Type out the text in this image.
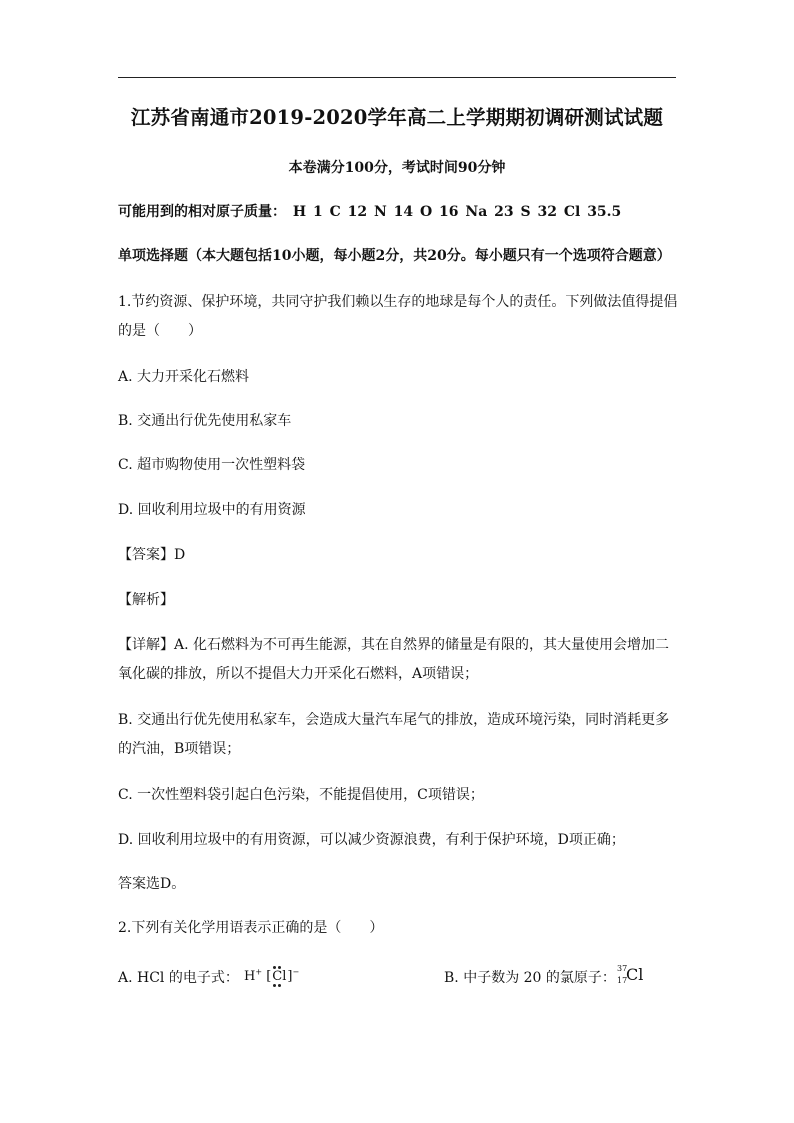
江苏省南通市2019-2020学年高二上学期期初调研测试试题
本卷满分100分，考试时间90分钟
可能用到的相对原子质量： H 1 C 12 N 14 O 16 Na 23 S 32 Cl 35.5
单项选择题（本大题包括10小题，每小题2分，共20分。每小题只有一个选项符合题意）
1.节约资源、保护环境，共同守护我们赖以生存的地球是每个人的责任。下列做法值得提倡
的是（　　）
A. 大力开采化石燃料
B. 交通出行优先使用私家车
C. 超市购物使用一次性塑料袋
D. 回收利用垃圾中的有用资源
【答案】D
【解析】
【详解】A. 化石燃料为不可再生能源，其在自然界的储量是有限的，其大量使用会增加二
氧化碳的排放，所以不提倡大力开采化石燃料，A项错误；
B. 交通出行优先使用私家车，会造成大量汽车尾气的排放，造成环境污染，同时消耗更多
的汽油，B项错误；
C. 一次性塑料袋引起白色污染，不能提倡使用，C项错误；
D. 回收利用垃圾中的有用资源，可以减少资源浪费，有利于保护环境，D项正确；
答案选D。
2.下列有关化学用语表示正确的是（　　）
A. HCl 的电子式： H+ [Cl]−	B. 中子数为 20 的氯原子：
37
17
Cl
